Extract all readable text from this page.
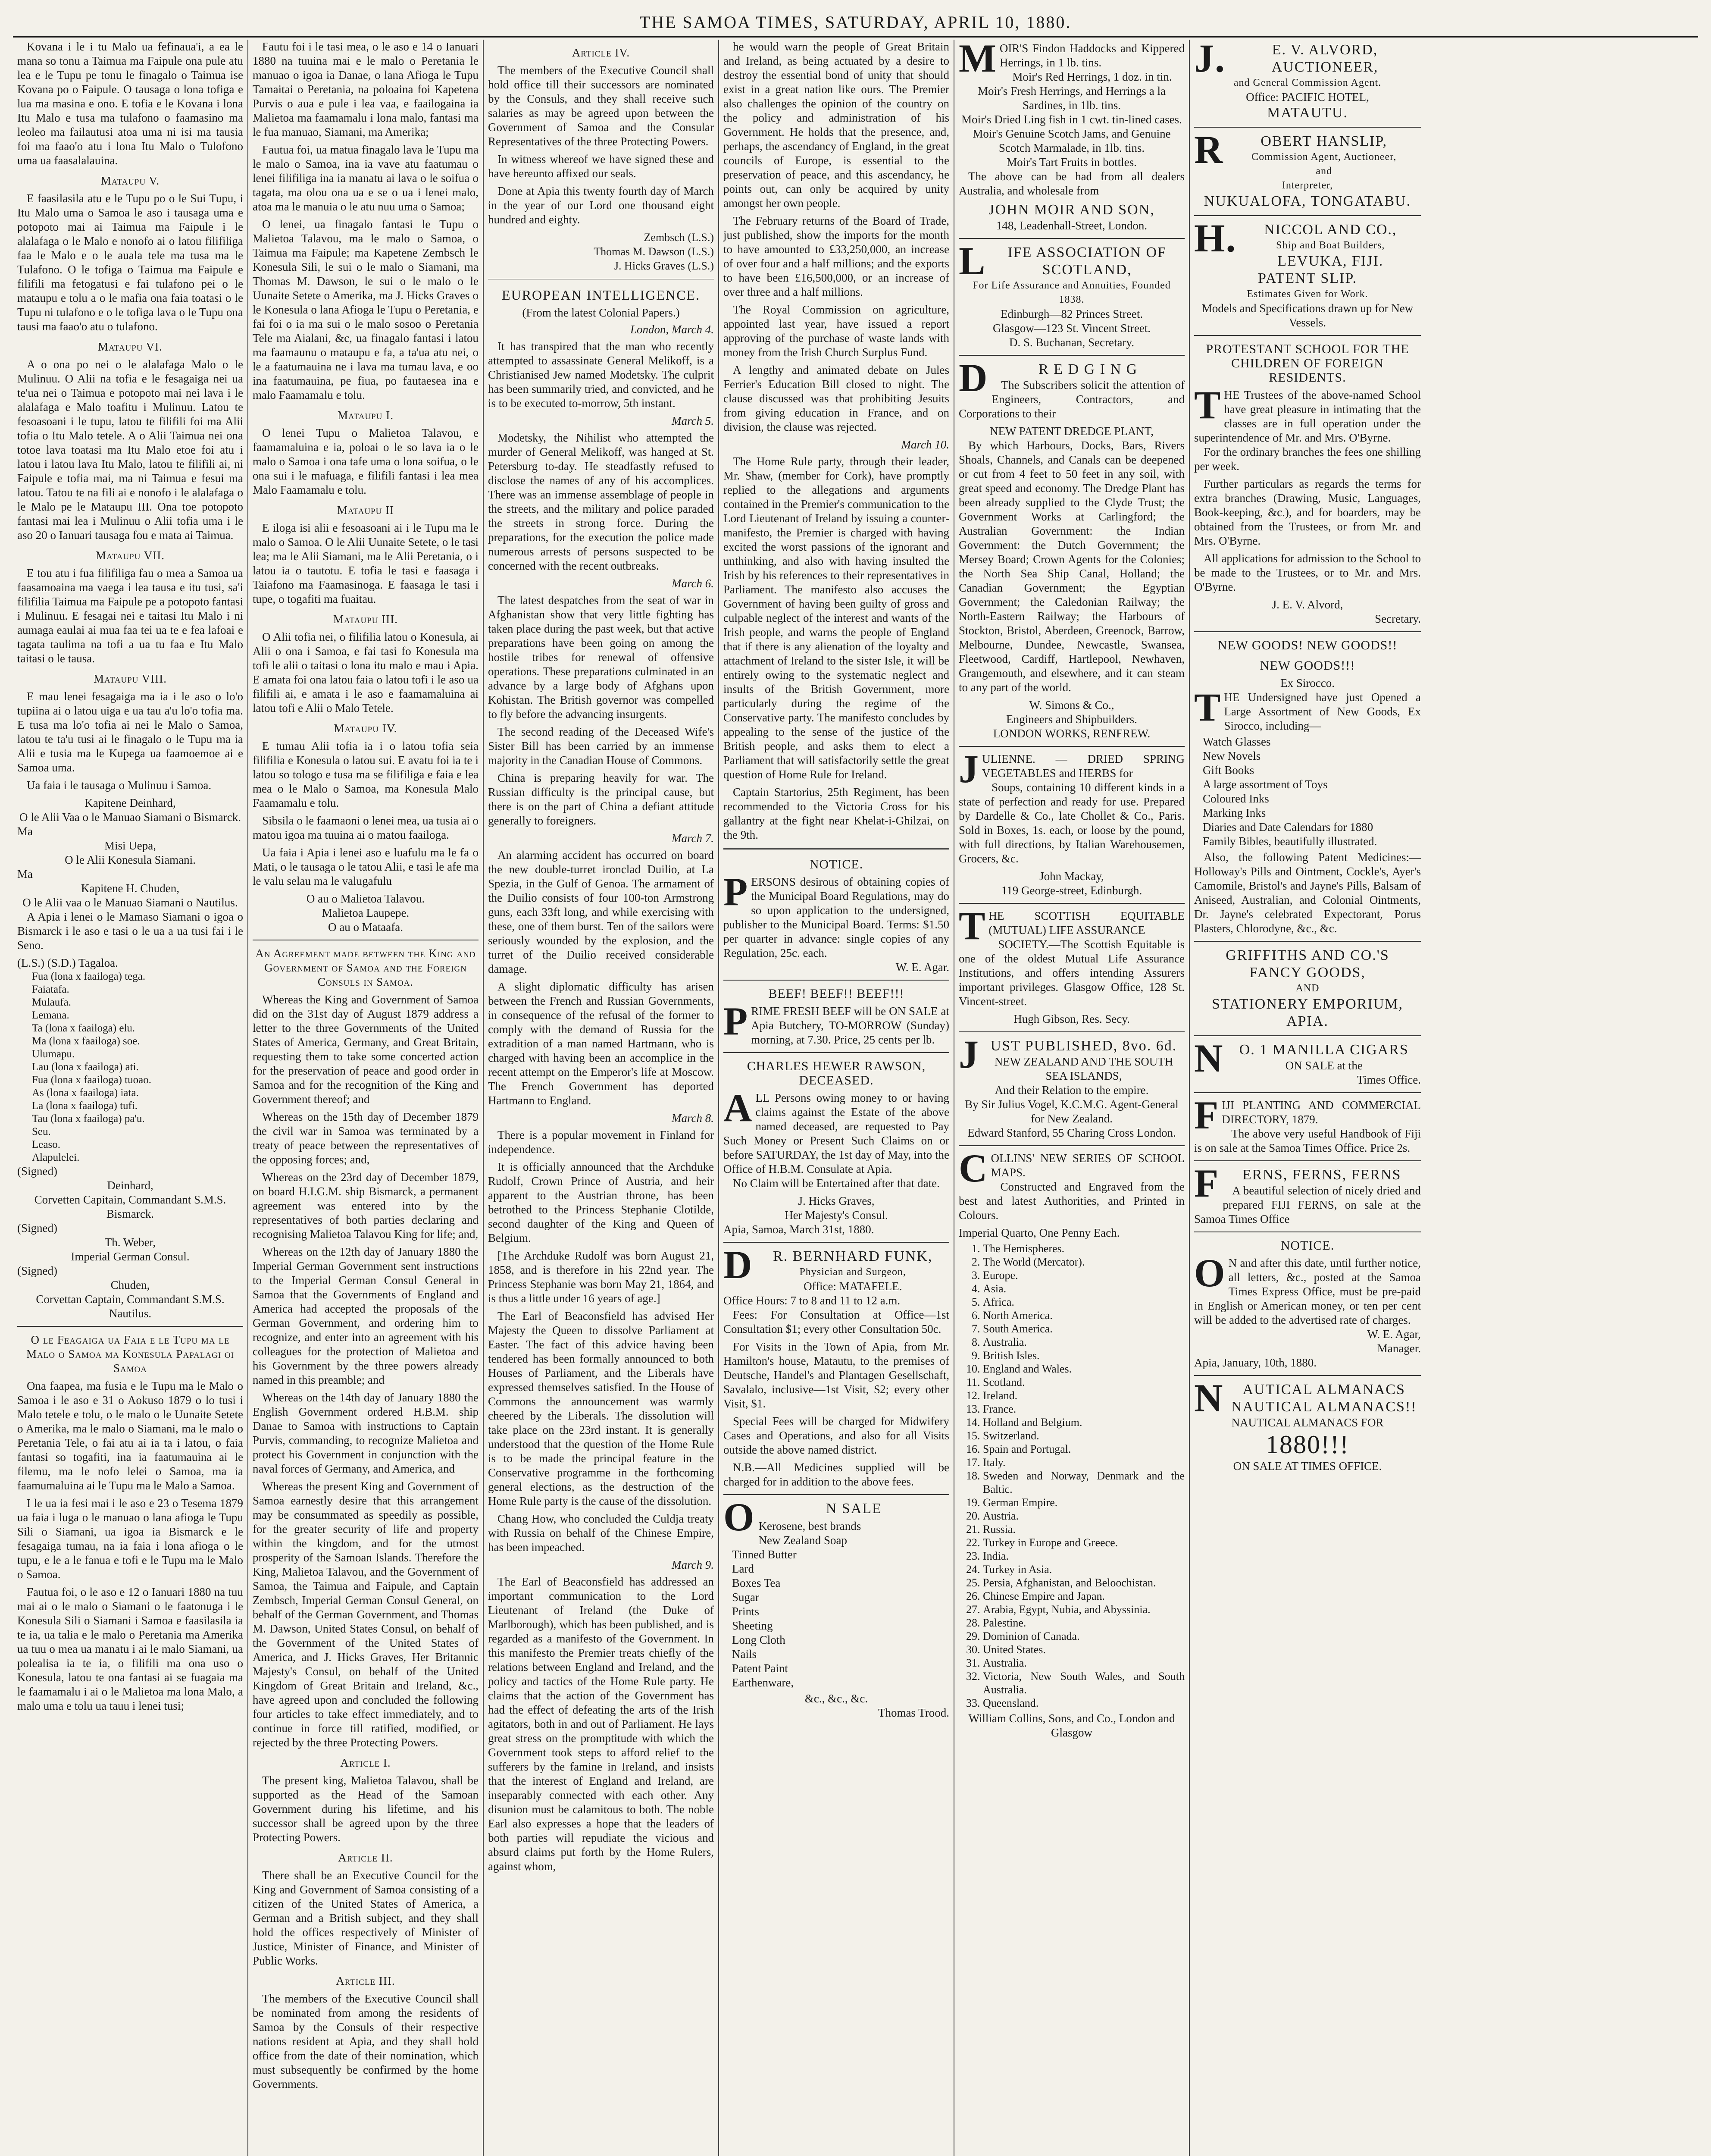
THE SAMOA TIMES, SATURDAY, APRIL 10, 1880.

Kovana i le i tu Malo ua fefinaua'i, a ea le mana so tonu a Taimua ma Faipule ona pule atu lea e le Tupu pe tonu le finagalo o Taimua ise Kovana po o Faipule. O tausaga o lona tofiga e lua ma masina e ono. E tofia e le Kovana i lona Itu Malo e tusa ma tulafono o faamasino ma leoleo ma failautusi atoa uma ni isi ma tausia foi ma faao'o atu i lona Itu Malo o Tulofono uma ua faasalalauina.

Mataupu V.

E faasilasila atu e le Tupu po o le Sui Tupu, i Itu Malo uma o Samoa le aso i tausaga uma e potopoto mai ai Taimua ma Faipule i le alalafaga o le Malo e nonofo ai o latou filifiliga faa le Malo e o le auala tele ma tusa ma le Tulafono. O le tofiga o Taimua ma Faipule e filifili ma fetogatusi e fai tulafono pei o le mataupu e tolu a o le mafia ona faia toatasi o le Tupu ni tulafono e o le tofiga lava o le Tupu ona tausi ma faao'o atu o tulafono.

Mataupu VI.

A o ona po nei o le alalafaga Malo o le Mulinuu. O Alii na tofia e le fesagaiga nei ua te'ua nei o Taimua e potopoto mai nei lava i le alalafaga e Malo toafitu i Mulinuu. Latou te fesoasoani i le tupu, latou te filifili foi ma Alii tofia o Itu Malo tetele. A o Alii Taimua nei ona totoe lava toatasi ma Itu Malo etoe foi atu i latou i latou lava Itu Malo, latou te filifili ai, ni Faipule e tofia mai, ma ni Taimua e fesui ma latou. Tatou te na fili ai e nonofo i le alalafaga o le Malo pe le Mataupu III. Ona toe potopoto fantasi mai lea i Mulinuu o Alii tofia uma i le aso 20 o Ianuari tausaga fou e mata ai Taimua.

Mataupu VII.

E tou atu i fua filifiliga fau o mea a Samoa ua faasamoaina ma vaega i lea tausa e itu tusi, sa'i filifilia Taimua ma Faipule pe a potopoto fantasi i Mulinuu. E fesagai nei e taitasi Itu Malo i ni aumaga eaulai ai mua faa tei ua te e fea lafoai e tagata taulima na tofi a ua tu faa e Itu Malo taitasi o le tausa.

Mataupu VIII.

E mau lenei fesagaiga ma ia i le aso o lo'o tupiina ai o latou uiga e ua tau a'u lo'o tofia ma. E tusa ma lo'o tofia ai nei le Malo o Samoa, latou te ta'u tusi ai le finagalo o le Tupu ma ia Alii e tusia ma le Kupega ua faamoemoe ai e Samoa uma.

Ua faia i le tausaga o Mulinuu i Samoa.

Kapitene Deinhard,
O le Alii Vaa o le Manuao Siamani o Bismarck.
Ma
Misi Uepa,
O le Alii Konesula Siamani.
Ma
Kapitene H. Chuden,
O le Alii vaa o le Manuao Siamani o Nautilus.

A Apia i lenei o le Mamaso Siamani o igoa o Bismarck i le aso e tasi o le ua a ua tusi fai i le Seno.

(L.S.) (S.D.) Tagaloa.
Fua (lona x faailoga) tega.
Faiatafa.
Mulaufa.
Lemana.
Ta (lona x faailoga) elu.
Ma (lona x faailoga) soe.
Ulumapu.
Lau (lona x faailoga) ati.
Fua (lona x faailoga) tuoao.
As (lona x faailoga) iata.
La (lona x faailoga) tufi.
Tau (lona x faailoga) pa'u.
Seu.
Leaso.
Alapulelei.
(Signed)
Deinhard,
Corvetten Capitain, Commandant S.M.S. Bismarck.
(Signed)
Th. Weber,
Imperial German Consul.
(Signed)
Chuden,
Corvettan Captain, Commandant S.M.S. Nautilus.
O le Feagaiga ua Faia e le Tupu ma le Malo o Samoa ma Konesula Papalagi oi Samoa

Ona faapea, ma fusia e le Tupu ma le Malo o Samoa i le aso e 31 o Aokuso 1879 o lo tusi i Malo tetele e tolu, o le malo o le Uunaite Setete o Amerika, ma le malo o Siamani, ma le malo o Peretania Tele, o fai atu ai ia ta i latou, o faia fantasi so togafiti, ina ia faatumauina ai le filemu, ma le nofo lelei o Samoa, ma ia faamumaluina ai le Tupu ma le Malo a Samoa.

I le ua ia fesi mai i le aso e 23 o Tesema 1879 ua faia i luga o le manuao o lana afioga le Tupu Sili o Siamani, ua igoa ia Bismarck e le fesagaiga tumau, na ia faia i lona afioga o le tupu, e le a le fanua e tofi e le Tupu ma le Malo o Samoa.

Fautua foi, o le aso e 12 o Ianuari 1880 na tuu mai ai o le malo o Siamani o le faatonuga i le Konesula Sili o Siamani i Samoa e faasilasila ia te ia, ua talia e le malo o Peretania ma Amerika ua tuu o mea ua manatu i ai le malo Siamani, ua polealisa ia te ia, o filifili ma ona uso o Konesula, latou te ona fantasi ai se fuagaia ma le faamamalu i ai o le Malietoa ma lona Malo, a malo uma e tolu ua tauu i lenei tusi;

Fautu foi i le tasi mea, o le aso e 14 o Ianuari 1880 na tuuina mai e le malo o Peretania le manuao o igoa ia Danae, o lana Afioga le Tupu Tamaitai o Peretania, na poloaina foi Kapetena Purvis o aua e pule i lea vaa, e faailogaina ia Malietoa ma faamamalu i lona malo, fantasi ma le fua manuao, Siamani, ma Amerika;

Fautua foi, ua matua finagalo lava le Tupu ma le malo o Samoa, ina ia vave atu faatumau o lenei filifiliga ina ia manatu ai lava o le soifua o tagata, ma olou ona ua e se o ua i lenei malo, atoa ma le manuia o le atu nuu uma o Samoa;

O lenei, ua finagalo fantasi le Tupu o Malietoa Talavou, ma le malo o Samoa, o Taimua ma Faipule; ma Kapetene Zembsch le Konesula Sili, le sui o le malo o Siamani, ma Thomas M. Dawson, le sui o le malo o le Uunaite Setete o Amerika, ma J. Hicks Graves o le Konesula o lana Afioga le Tupu o Peretania, e fai foi o ia ma sui o le malo sosoo o Peretania Tele ma Aialani, &c, ua finagalo fantasi i latou ma faamaunu o mataupu e fa, a ta'ua atu nei, o le a faatumauina ne i lava ma tumau lava, e oo ina faatumauina, pe fiua, po fautaesea ina e malo Faamamalu e tolu.

Mataupu I.

O lenei Tupu o Malietoa Talavou, e faamamaluina e ia, poloai o le so lava ia o le malo o Samoa i ona tafe uma o lona soifua, o le ona sui i le mafuaga, e filifili fantasi i lea mea Malo Faamamalu e tolu.

Mataupu II

E iloga isi alii e fesoasoani ai i le Tupu ma le malo o Samoa. O le Alii Uunaite Setete, o le tasi lea; ma le Alii Siamani, ma le Alii Peretania, o i latou ia o tautotu. E tofia le tasi e faasaga i Taiafono ma Faamasinoga. E faasaga le tasi i tupe, o togafiti ma fuaitau.

Mataupu III.

O Alii tofia nei, o filifilia latou o Konesula, ai Alii o ona i Samoa, e fai tasi fo Konesula ma tofi le alii o taitasi o lona itu malo e mau i Apia. E amata foi ona latou faia o latou tofi i le aso ua filifili ai, e amata i le aso e faamamaluina ai latou tofi e Alii o Malo Tetele.

Mataupu IV.

E tumau Alii tofia ia i o latou tofia seia filifilia e Konesula o latou sui. E avatu foi ia te i latou so tologo e tusa ma se filifiliga e faia e lea mea o le Malo o Samoa, ma Konesula Malo Faamamalu e tolu.

Sibsila o le faamaoni o lenei mea, ua tusia ai o matou igoa ma tuuina ai o matou faailoga.

Ua faia i Apia i lenei aso e luafulu ma le fa o Mati, o le tausaga o le tatou Alii, e tasi le afe ma le valu selau ma le valugafulu

O au o Malietoa Talavou.
Malietoa Laupepe.
O au o Mataafa.
An Agreement made between the King and Government of Samoa and the Foreign Consuls in Samoa.

Whereas the King and Government of Samoa did on the 31st day of August 1879 address a letter to the three Governments of the United States of America, Germany, and Great Britain, requesting them to take some concerted action for the preservation of peace and good order in Samoa and for the recognition of the King and Government thereof; and

Whereas on the 15th day of December 1879 the civil war in Samoa was terminated by a treaty of peace between the representatives of the opposing forces; and,

Whereas on the 23rd day of December 1879, on board H.I.G.M. ship Bismarck, a permanent agreement was entered into by the representatives of both parties declaring and recognising Malietoa Talavou King for life; and,

Whereas on the 12th day of January 1880 the Imperial German Government sent instructions to the Imperial German Consul General in Samoa that the Governments of England and America had accepted the proposals of the German Government, and ordering him to recognize, and enter into an agreement with his colleagues for the protection of Malietoa and his Government by the three powers already named in this preamble; and

Whereas on the 14th day of January 1880 the English Government ordered H.B.M. ship Danae to Samoa with instructions to Captain Purvis, commanding, to recognize Malietoa and protect his Government in conjunction with the naval forces of Germany, and America, and

Whereas the present King and Government of Samoa earnestly desire that this arrangement may be consummated as speedily as possible, for the greater security of life and property within the kingdom, and for the utmost prosperity of the Samoan Islands. Therefore the King, Malietoa Talavou, and the Government of Samoa, the Taimua and Faipule, and Captain Zembsch, Imperial German Consul General, on behalf of the German Government, and Thomas M. Dawson, United States Consul, on behalf of the Government of the United States of America, and J. Hicks Graves, Her Britannic Majesty's Consul, on behalf of the United Kingdom of Great Britain and Ireland, &c., have agreed upon and concluded the following four articles to take effect immediately, and to continue in force till ratified, modified, or rejected by the three Protecting Powers.

Article I.

The present king, Malietoa Talavou, shall be supported as the Head of the Samoan Government during his lifetime, and his successor shall be agreed upon by the three Protecting Powers.

Article II.

There shall be an Executive Council for the King and Government of Samoa consisting of a citizen of the United States of America, a German and a British subject, and they shall hold the offices respectively of Minister of Justice, Minister of Finance, and Minister of Public Works.

Article III.

The members of the Executive Council shall be nominated from among the residents of Samoa by the Consuls of their respective nations resident at Apia, and they shall hold office from the date of their nomination, which must subsequently be confirmed by the home Governments.

Article IV.

The members of the Executive Council shall hold office till their successors are nominated by the Consuls, and they shall receive such salaries as may be agreed upon between the Government of Samoa and the Consular Representatives of the three Protecting Powers.

In witness whereof we have signed these and have hereunto affixed our seals.

Done at Apia this twenty fourth day of March in the year of our Lord one thousand eight hundred and eighty.

Zembsch (L.S.)
Thomas M. Dawson (L.S.)
J. Hicks Graves (L.S.)
EUROPEAN INTELLIGENCE.
(From the latest Colonial Papers.)
London, March 4.

It has transpired that the man who recently attempted to assassinate General Melikoff, is a Christianised Jew named Modetsky. The culprit has been summarily tried, and convicted, and he is to be executed to-morrow, 5th instant.

March 5.

Modetsky, the Nihilist who attempted the murder of General Melikoff, was hanged at St. Petersburg to-day. He steadfastly refused to disclose the names of any of his accomplices. There was an immense assemblage of people in the streets, and the military and police paraded the streets in strong force. During the preparations, for the execution the police made numerous arrests of persons suspected to be concerned with the recent outbreaks.

March 6.

The latest despatches from the seat of war in Afghanistan show that very little fighting has taken place during the past week, but that active preparations have been going on among the hostile tribes for renewal of offensive operations. These preparations culminated in an advance by a large body of Afghans upon Kohistan. The British governor was compelled to fly before the advancing insurgents.

The second reading of the Deceased Wife's Sister Bill has been carried by an immense majority in the Canadian House of Commons.

China is preparing heavily for war. The Russian difficulty is the principal cause, but there is on the part of China a defiant attitude generally to foreigners.

March 7.

An alarming accident has occurred on board the new double-turret ironclad Duilio, at La Spezia, in the Gulf of Genoa. The armament of the Duilio consists of four 100-ton Armstrong guns, each 33ft long, and while exercising with these, one of them burst. Ten of the sailors were seriously wounded by the explosion, and the turret of the Duilio received considerable damage.

A slight diplomatic difficulty has arisen between the French and Russian Governments, in consequence of the refusal of the former to comply with the demand of Russia for the extradition of a man named Hartmann, who is charged with having been an accomplice in the recent attempt on the Emperor's life at Moscow. The French Government has deported Hartmann to England.

March 8.

There is a popular movement in Finland for independence.

It is officially announced that the Archduke Rudolf, Crown Prince of Austria, and heir apparent to the Austrian throne, has been betrothed to the Princess Stephanie Clotilde, second daughter of the King and Queen of Belgium.

[The Archduke Rudolf was born August 21, 1858, and is therefore in his 22nd year. The Princess Stephanie was born May 21, 1864, and is thus a little under 16 years of age.]

The Earl of Beaconsfield has advised Her Majesty the Queen to dissolve Parliament at Easter. The fact of this advice having been tendered has been formally announced to both Houses of Parliament, and the Liberals have expressed themselves satisfied. In the House of Commons the announcement was warmly cheered by the Liberals. The dissolution will take place on the 23rd instant. It is generally understood that the question of the Home Rule is to be made the principal feature in the Conservative programme in the forthcoming general elections, as the destruction of the Home Rule party is the cause of the dissolution.

Chang How, who concluded the Culdja treaty with Russia on behalf of the Chinese Empire, has been impeached.

March 9.

The Earl of Beaconsfield has addressed an important communication to the Lord Lieutenant of Ireland (the Duke of Marlborough), which has been published, and is regarded as a manifesto of the Government. In this manifesto the Premier treats chiefly of the relations between England and Ireland, and the policy and tactics of the Home Rule party. He claims that the action of the Government has had the effect of defeating the arts of the Irish agitators, both in and out of Parliament. He lays great stress on the promptitude with which the Government took steps to afford relief to the sufferers by the famine in Ireland, and insists that the interest of England and Ireland, are inseparably connected with each other. Any disunion must be calamitous to both. The noble Earl also expresses a hope that the leaders of both parties will repudiate the vicious and absurd claims put forth by the Home Rulers, against whom,

he would warn the people of Great Britain and Ireland, as being actuated by a desire to destroy the essential bond of unity that should exist in a great nation like ours. The Premier also challenges the opinion of the country on the policy and administration of his Government. He holds that the presence, and, perhaps, the ascendancy of England, in the great councils of Europe, is essential to the preservation of peace, and this ascendancy, he points out, can only be acquired by unity amongst her own people.

The February returns of the Board of Trade, just published, show the imports for the month to have amounted to £33,250,000, an increase of over four and a half millions; and the exports to have been £16,500,000, or an increase of over three and a half millions.

The Royal Commission on agriculture, appointed last year, have issued a report approving of the purchase of waste lands with money from the Irish Church Surplus Fund.

A lengthy and animated debate on Jules Ferrier's Education Bill closed to night. The clause discussed was that prohibiting Jesuits from giving education in France, and on division, the clause was rejected.

March 10.

The Home Rule party, through their leader, Mr. Shaw, (member for Cork), have promptly replied to the allegations and arguments contained in the Premier's communication to the Lord Lieutenant of Ireland by issuing a counter-manifesto, the Premier is charged with having excited the worst passions of the ignorant and unthinking, and also with having insulted the Irish by his references to their representatives in Parliament. The manifesto also accuses the Government of having been guilty of gross and culpable neglect of the interest and wants of the Irish people, and warns the people of England that if there is any alienation of the loyalty and attachment of Ireland to the sister Isle, it will be entirely owing to the systematic neglect and insults of the British Government, more particularly during the regime of the Conservative party. The manifesto concludes by appealing to the sense of the justice of the British people, and asks them to elect a Parliament that will satisfactorily settle the great question of Home Rule for Ireland.

Captain Startorius, 25th Regiment, has been recommended to the Victoria Cross for his gallantry at the fight near Khelat-i-Ghilzai, on the 9th.

NOTICE.
PERSONS desirous of obtaining copies of the Municipal Board Regulations, may do so upon application to the undersigned, publisher to the Municipal Board. Terms: $1.50 per quarter in advance: single copies of any Regulation, 25c. each.
W. E. Agar.
BEEF! BEEF!! BEEF!!!
PRIME FRESH BEEF will be ON SALE at Apia Butchery, TO-MORROW (Sunday) morning, at 7.30. Price, 25 cents per lb.
CHARLES HEWER RAWSON, DECEASED.
ALL Persons owing money to or having claims against the Estate of the above named deceased, are requested to Pay Such Money or Present Such Claims on or before SATURDAY, the 1st day of May, into the Office of H.B.M. Consulate at Apia.

No Claim will be Entertained after that date.

J. Hicks Graves,
Her Majesty's Consul.
Apia, Samoa, March 31st, 1880.
D R. BERNHARD FUNK,
Physician and Surgeon,
Office: MATAFELE.
Office Hours: 7 to 8 and 11 to 12 a.m.

Fees: For Consultation at Office—1st Consultation $1; every other Consultation 50c.

For Visits in the Town of Apia, from Mr. Hamilton's house, Matautu, to the premises of Deutsche, Handel's and Plantagen Gesellschaft, Savalalo, inclusive—1st Visit, $2; every other Visit, $1.

Special Fees will be charged for Midwifery Cases and Operations, and also for all Visits outside the above named district.

N.B.—All Medicines supplied will be charged for in addition to the above fees.

O	N SALE
Kerosene, best brands
New Zealand Soap
Tinned Butter
Lard
Boxes Tea
Sugar
Prints
Sheeting
Long Cloth
Nails
Patent Paint
Earthenware,
&c., &c., &c.
Thomas Trood.
MOIR'S Findon Haddocks and Kippered Herrings, in 1 lb. tins.
Moir's Red Herrings, 1 doz. in tin.
Moir's Fresh Herrings, and Herrings a la Sardines, in 1lb. tins.
Moir's Dried Ling fish in 1 cwt. tin-lined cases.
Moir's Genuine Scotch Jams, and Genuine Scotch Marmalade, in 1lb. tins.
Moir's Tart Fruits in bottles.

The above can be had from all dealers Australia, and wholesale from

JOHN MOIR AND SON,
148, Leadenhall-Street, London.
L IFE ASSOCIATION OF SCOTLAND,
For Life Assurance and Annuities, Founded 1838.
Edinburgh—82 Princes Street.
Glasgow—123 St. Vincent Street.
D. S. Buchanan, Secretary.
D	R E D G I N G

The Subscribers solicit the attention of Engineers, Contractors, and Corporations to their

NEW PATENT DREDGE PLANT,

By which Harbours, Docks, Bars, Rivers Shoals, Channels, and Canals can be deepened or cut from 4 feet to 50 feet in any soil, with great speed and economy. The Dredge Plant has been already supplied to the Clyde Trust; the Government Works at Carlingford; the Australian Government: the Indian Government: the Dutch Government; the Mersey Board; Crown Agents for the Colonies; the North Sea Ship Canal, Holland; the Canadian Government; the Egyptian Government; the Caledonian Railway; the North-Eastern Railway; the Harbours of Stockton, Bristol, Aberdeen, Greenock, Barrow, Melbourne, Dundee, Newcastle, Swansea, Fleetwood, Cardiff, Hartlepool, Newhaven, Grangemouth, and elsewhere, and it can steam to any part of the world.

W. Simons & Co.,
Engineers and Shipbuilders.
LONDON WORKS, RENFREW.
JULIENNE. — DRIED SPRING VEGETABLES and HERBS for

Soups, containing 10 different kinds in a state of perfection and ready for use. Prepared by Dardelle & Co., late Chollet & Co., Paris. Sold in Boxes, 1s. each, or loose by the pound, with full directions, by Italian Warehousemen, Grocers, &c.

John Mackay,
119 George-street, Edinburgh.
THE SCOTTISH EQUITABLE (MUTUAL) LIFE ASSURANCE

SOCIETY.—The Scottish Equitable is one of the oldest Mutual Life Assurance Institutions, and offers intending Assurers important privileges. Glasgow Office, 128 St. Vincent-street.

Hugh Gibson, Res. Secy.
JUST PUBLISHED, 8vo. 6d.
NEW ZEALAND AND THE SOUTH SEA ISLANDS,
And their Relation to the empire.
By Sir Julius Vogel, K.C.M.G. Agent-General for New Zealand.
Edward Stanford, 55 Charing Cross London.
COLLINS' NEW SERIES OF SCHOOL MAPS.

Constructed and Engraved from the best and latest Authorities, and Printed in Colours.

Imperial Quarto, One Penny Each.
1. The Hemispheres.
2. The World (Mercator).
3. Europe.
4. Asia.
5. Africa.
6. North America.
7. South America.
8. Australia.
9. British Isles.
10. England and Wales.
11. Scotland.
12. Ireland.
13. France.
14. Holland and Belgium.
15. Switzerland.
16. Spain and Portugal.
17. Italy.
18. Sweden and Norway, Denmark and the Baltic.
19. German Empire.
20. Austria.
21. Russia.
22. Turkey in Europe and Greece.
23. India.
24. Turkey in Asia.
25. Persia, Afghanistan, and Beloochistan.
26. Chinese Empire and Japan.
27. Arabia, Egypt, Nubia, and Abyssinia.
28. Palestine.
29. Dominion of Canada.
30. United States.
31. Australia.
32. Victoria, New South Wales, and South Australia.
33. Queensland.
William Collins, Sons, and Co., London and Glasgow
J.	E. V. ALVORD,
AUCTIONEER,
and General Commission Agent.
Office: PACIFIC HOTEL,
MATAUTU.
R	OBERT HANSLIP,
Commission Agent, Auctioneer,
and
Interpreter,
NUKUALOFA, TONGATABU.
H. NICCOL AND CO.,
Ship and Boat Builders,
LEVUKA, FIJI.
PATENT SLIP.
Estimates Given for Work.
Models and Specifications drawn up for New Vessels.
PROTESTANT SCHOOL FOR THE CHILDREN OF FOREIGN RESIDENTS.
THE Trustees of the above-named School have great pleasure in intimating that the classes are in full operation under the superintendence of Mr. and Mrs. O'Byrne.

For the ordinary branches the fees one shilling per week.

Further particulars as regards the terms for extra branches (Drawing, Music, Languages, Book-keeping, &c.), and for boarders, may be obtained from the Trustees, or from Mr. and Mrs. O'Byrne.

All applications for admission to the School to be made to the Trustees, or to Mr. and Mrs. O'Byrne.

J. E. V. Alvord,
Secretary.
NEW GOODS! NEW GOODS!!
NEW GOODS!!!
Ex Sirocco.
THE Undersigned have just Opened a Large Assortment of New Goods, Ex Sirocco, including—
Watch Glasses
New Novels
Gift Books
A large assortment of Toys
Coloured Inks
Marking Inks
Diaries and Date Calendars for 1880
Family Bibles, beautifully illustrated.

Also, the following Patent Medicines:—Holloway's Pills and Ointment, Cockle's, Ayer's Camomile, Bristol's and Jayne's Pills, Balsam of Aniseed, Australian, and Colonial Ointments, Dr. Jayne's celebrated Expectorant, Porus Plasters, Chlorodyne, &c., &c.

GRIFFITHS AND CO.'S
FANCY GOODS,
AND
STATIONERY EMPORIUM,
APIA.
N O. 1 MANILLA CIGARS
ON SALE at the
Times Office.
FIJI PLANTING AND COMMERCIAL DIRECTORY, 1879.

The above very useful Handbook of Fiji is on sale at the Samoa Times Office. Price 2s.

F ERNS, FERNS, FERNS

A beautiful selection of nicely dried and prepared FIJI FERNS, on sale at the Samoa Times Office

NOTICE.
O N and after this date, until further notice, all letters, &c., posted at the Samoa Times Express Office, must be pre-paid in English or American money, or ten per cent will be added to the advertised rate of charges.
W. E. Agar,
Manager.
Apia, January, 10th, 1880.
N AUTICAL ALMANACS NAUTICAL ALMANACS!!
NAUTICAL ALMANACS FOR
1880!!!
ON SALE AT TIMES OFFICE.
